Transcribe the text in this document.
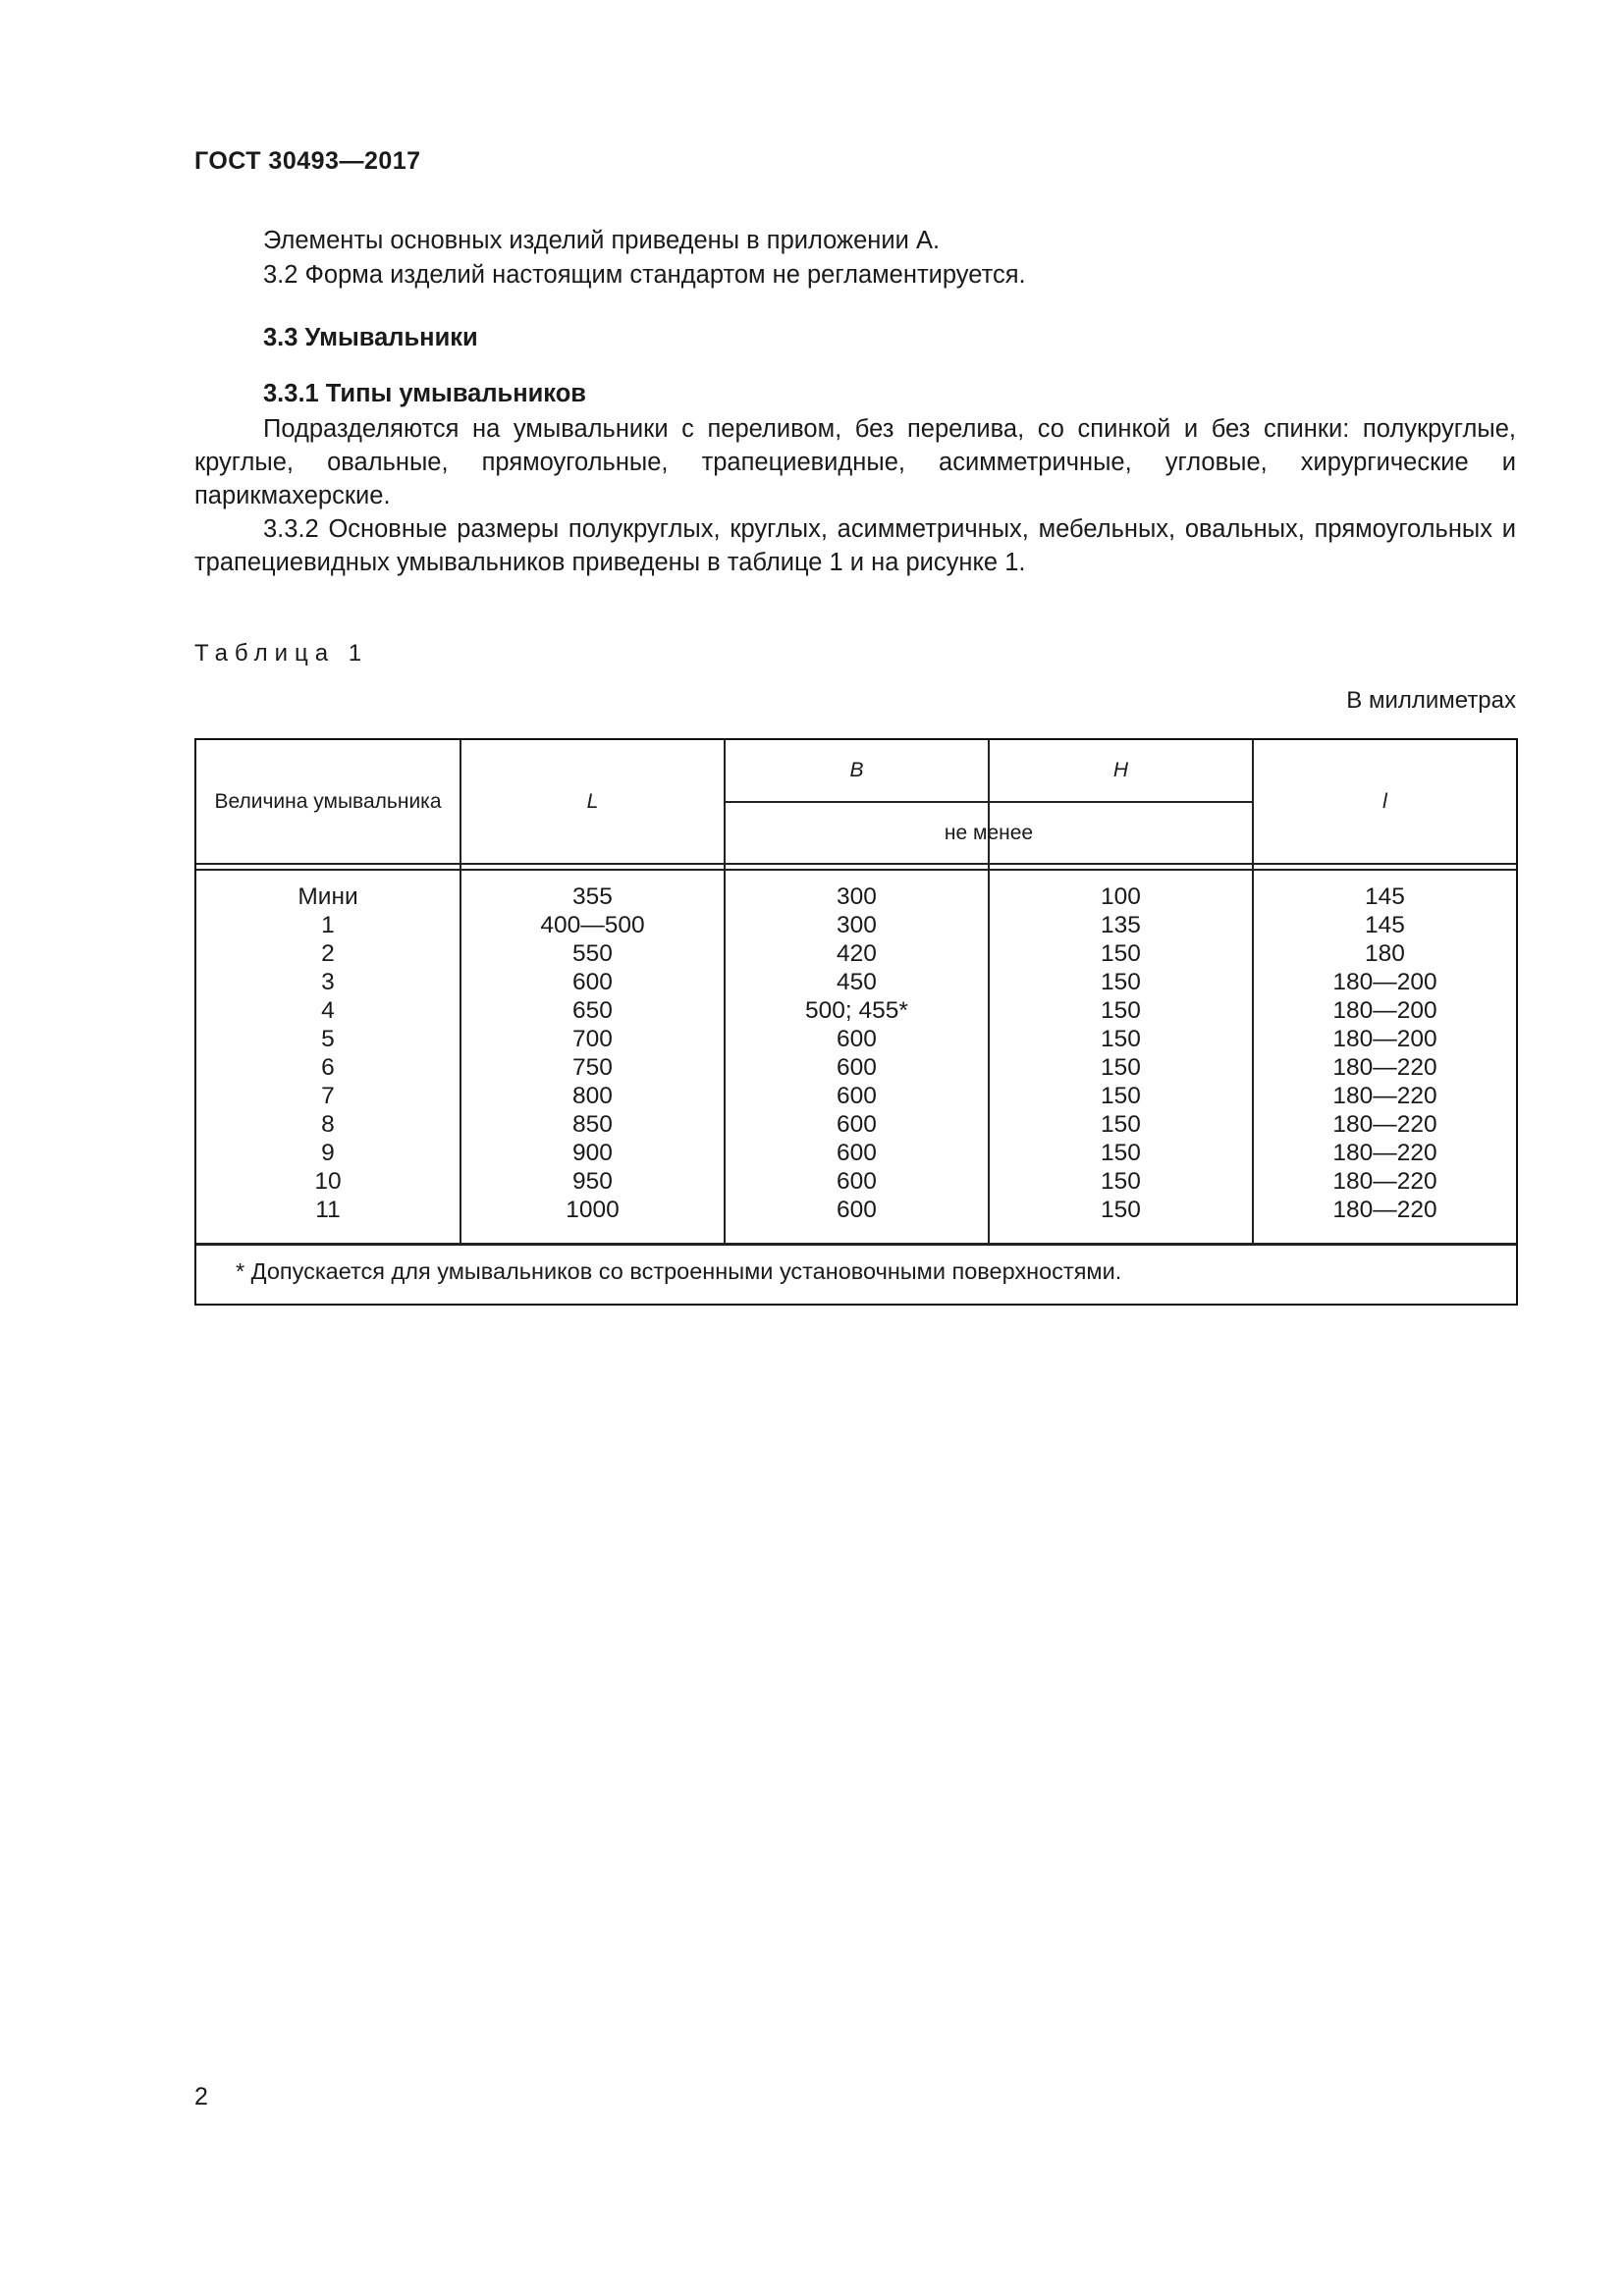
ГОСТ 30493—2017
Элементы основных изделий приведены в приложении А.
3.2 Форма изделий настоящим стандартом не регламентируется.
3.3 Умывальники
3.3.1 Типы умывальников
Подразделяются на умывальники с переливом, без перелива, со спинкой и без спинки: полукруглые, круглые, овальные, прямоугольные, трапециевидные, асимметричные, угловые, хирургические и парикмахерские.
3.3.2 Основные размеры полукруглых, круглых, асимметричных, мебельных, овальных, прямоугольных и трапециевидных умывальников приведены в таблице 1 и на рисунке 1.
Таблица 1
В миллиметрах
Величина умывальника	L
B	H
не менее
l
Мини
1
2
3
4
5
6
7
8
9
10
11
355
400—500
550
600
650
700
750
800
850
900
950
1000
300
300
420
450
500; 455*
600
600
600
600
600
600
600
100
135
150
150
150
150
150
150
150
150
150
150
145
145
180
180—200
180—200
180—200
180—220
180—220
180—220
180—220
180—220
180—220
* Допускается для умывальников со встроенными установочными поверхностями.
2
